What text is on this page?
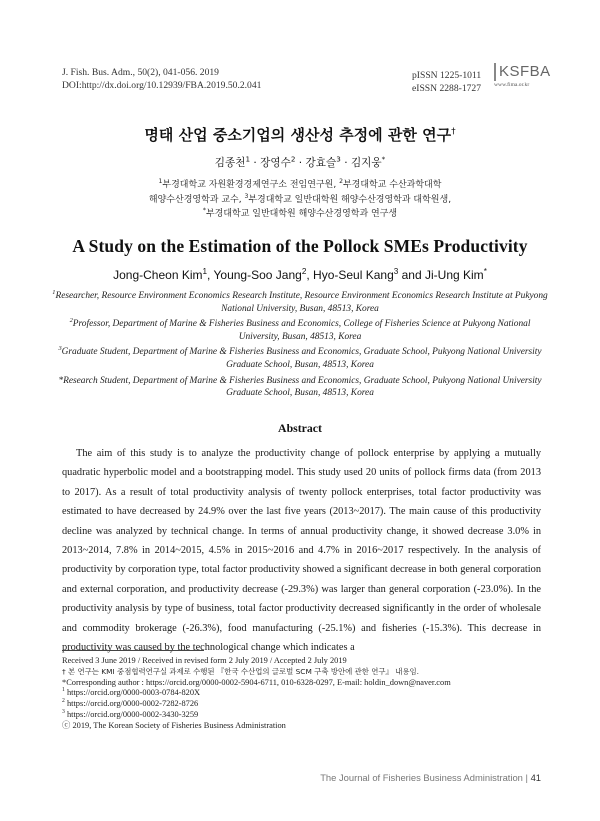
J. Fish. Bus. Adm., 50(2), 041-056. 2019
DOI:http://dx.doi.org/10.12939/FBA.2019.50.2.041
pISSN 1225-1011
eISSN 2288-1727
KSFBA
www.fima.or.kr
명태 산업 중소기업의 생산성 추정에 관한 연구†
김종천$^1$ · 장영수$^2$ · 강효슬$^3$ · 김지웅*
$^1$부경대학교 자원환경경제연구소 전임연구원, $^2$부경대학교 수산과학대학
해양수산경영학과 교수, $^3$부경대학교 일반대학원 해양수산경영학과 대학원생,
*부경대학교 일반대학원 해양수산경영학과 연구생
A Study on the Estimation of the Pollock SMEs Productivity
Jong-Cheon Kim$^1$, Young-Soo Jang$^2$, Hyo-Seul Kang$^3$ and Ji-Ung Kim*

$^1$Researcher, Resource Environment Economics Research Institute, Resource Environment Economics Research Institute at Pukyong National University, Busan, 48513, Korea

$^2$Professor, Department of Marine & Fisheries Business and Economics, College of Fisheries Science at Pukyong National University, Busan, 48513, Korea

$^3$Graduate Student, Department of Marine & Fisheries Business and Economics, Graduate School, Pukyong National University Graduate School, Busan, 48513, Korea

*Research Student, Department of Marine & Fisheries Business and Economics, Graduate School, Pukyong National University Graduate School, Busan, 48513, Korea

Abstract
The aim of this study is to analyze the productivity change of pollock enterprise by applying a mutually quadratic hyperbolic model and a bootstrapping model. This study used 20 units of pollock firms data (from 2013 to 2017). As a result of total productivity analysis of twenty pollock enterprises, total factor productivity was estimated to have decreased by 24.9% over the last five years (2013~2017). The main cause of this productivity decline was analyzed by technical change. In terms of annual productivity change, it showed decrease 3.0% in 2013~2014, 7.8% in 2014~2015, 4.5% in 2015~2016 and 4.7% in 2016~2017 respectively. In the analysis of productivity by corporation type, total factor productivity showed a significant decrease in both general corporation and external corporation, and productivity decrease (-29.3%) was larger than general corporation (-23.0%). In the productivity analysis by type of business, total factor productivity decreased significantly in the order of wholesale and commodity brokerage (-26.3%), food manufacturing (-25.1%) and fisheries (-15.3%). This decrease in productivity was caused by the technological change which indicates a
Received 3 June 2019 / Received in revised form 2 July 2019 / Accepted 2 July 2019
† 본 연구는 KMI 중점협력연구실 과제로 수행된 『한국 수산업의 글로벌 SCM 구축 방안에 관한 연구』 내용임.
*Corresponding author : https://orcid.org/0000-0002-5904-6711, 010-6328-0297, E-mail: holdin_down@naver.com
$^1$ https://orcid.org/0000-0003-0784-820X
$^2$ https://orcid.org/0000-0002-7282-8726
$^3$ https://orcid.org/0000-0002-3430-3259
ⓒ 2019, The Korean Society of Fisheries Business Administration
The Journal of Fisheries Business Administration | 41
